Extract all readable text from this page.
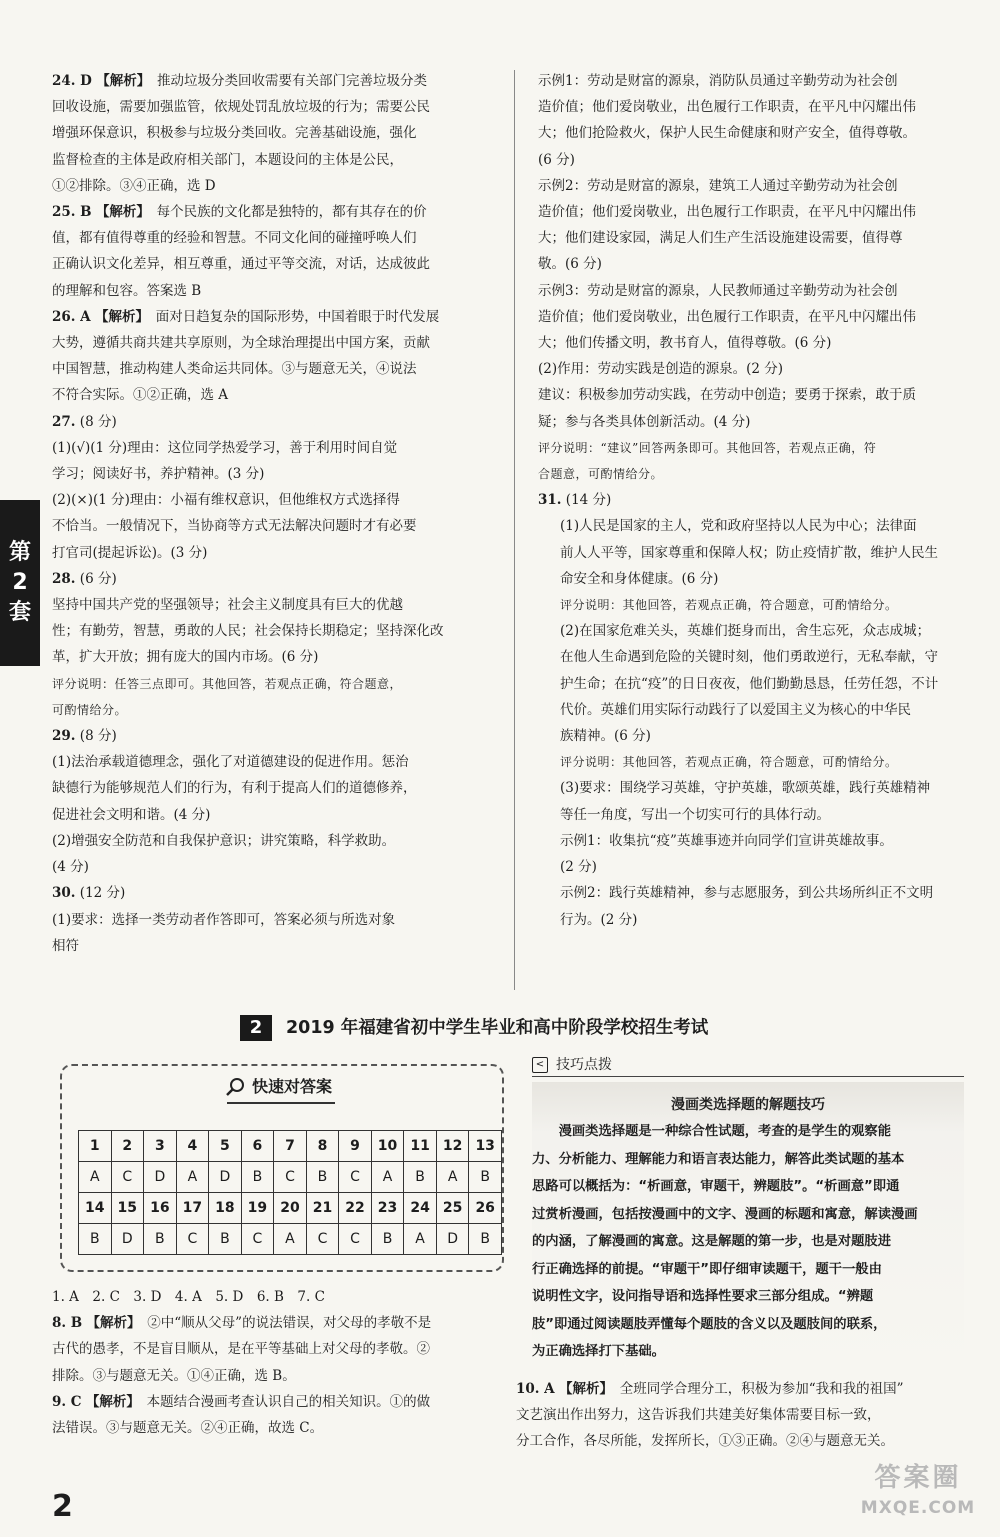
第
2
套
24. D 【解析】　 推动垃圾分类回收需要有关部门完善垃圾分类
回收设施，需要加强监管，依规处罚乱放垃圾的行为；需要公民
增强环保意识，积极参与垃圾分类回收。完善基础设施，强化
监督检查的主体是政府相关部门，本题设问的主体是公民，
①②排除。③④正确，选 D
25. B 【解析】　 每个民族的文化都是独特的，都有其存在的价
值，都有值得尊重的经验和智慧。不同文化间的碰撞呼唤人们
正确认识文化差异，相互尊重，通过平等交流，对话，达成彼此
的理解和包容。答案选 B
26. A 【解析】　 面对日趋复杂的国际形势，中国着眼于时代发展
大势，遵循共商共建共享原则，为全球治理提出中国方案，贡献
中国智慧，推动构建人类命运共同体。③与题意无关，④说法
不符合实际。①②正确，选 A
27. (8 分)
(1)(√)(1 分)理由：这位同学热爱学习，善于利用时间自觉
学习；阅读好书，养护精神。(3 分)
(2)(×)(1 分)理由：小福有维权意识，但他维权方式选择得
不恰当。一般情况下，当协商等方式无法解决问题时才有必要
打官司(提起诉讼)。(3 分)
28. (6 分)
坚持中国共产党的坚强领导；社会主义制度具有巨大的优越
性；有勤劳，智慧，勇敢的人民；社会保持长期稳定；坚持深化改
革，扩大开放；拥有庞大的国内市场。(6 分)
评分说明：任答三点即可。其他回答，若观点正确，符合题意，
可酌情给分。
29. (8 分)
(1)法治承载道德理念，强化了对道德建设的促进作用。惩治
缺德行为能够规范人们的行为，有利于提高人们的道德修养，
促进社会文明和谐。(4 分)
(2)增强安全防范和自我保护意识；讲究策略，科学救助。
(4 分)
30. (12 分)
(1)要求：选择一类劳动者作答即可，答案必须与所选对象
相符
示例1：劳动是财富的源泉，消防队员通过辛勤劳动为社会创
造价值；他们爱岗敬业，出色履行工作职责，在平凡中闪耀出伟
大；他们抢险救火，保护人民生命健康和财产安全，值得尊敬。
(6 分)
示例2：劳动是财富的源泉，建筑工人通过辛勤劳动为社会创
造价值；他们爱岗敬业，出色履行工作职责，在平凡中闪耀出伟
大；他们建设家园，满足人们生产生活设施建设需要，值得尊
敬。(6 分)
示例3：劳动是财富的源泉，人民教师通过辛勤劳动为社会创
造价值；他们爱岗敬业，出色履行工作职责，在平凡中闪耀出伟
大；他们传播文明，教书育人，值得尊敬。(6 分)
(2)作用：劳动实践是创造的源泉。(2 分)
建议：积极参加劳动实践，在劳动中创造；要勇于探索，敢于质
疑；参与各类具体创新活动。(4 分)
评分说明：“建议”回答两条即可。其他回答，若观点正确，符
合题意，可酌情给分。
31. (14 分)
(1)人民是国家的主人，党和政府坚持以人民为中心；法律面
前人人平等，国家尊重和保障人权；防止疫情扩散，维护人民生
命安全和身体健康。(6 分)
评分说明：其他回答，若观点正确，符合题意，可酌情给分。
(2)在国家危难关头，英雄们挺身而出，舍生忘死，众志成城；
在他人生命遇到危险的关键时刻，他们勇敢逆行，无私奉献，守
护生命；在抗“疫”的日日夜夜，他们勤勤恳恳，任劳任怨，不计
代价。英雄们用实际行动践行了以爱国主义为核心的中华民
族精神。(6 分)
评分说明：其他回答，若观点正确，符合题意，可酌情给分。
(3)要求：围绕学习英雄，守护英雄，歌颂英雄，践行英雄精神
等任一角度，写出一个切实可行的具体行动。
示例1：收集抗“疫”英雄事迹并向同学们宣讲英雄故事。
(2 分)
示例2：践行英雄精神，参与志愿服务，到公共场所纠正不文明
行为。(2 分)
2	2019 年福建省初中学生毕业和高中阶段学校招生考试
快速对答案
1	2	3	4	5	6	7	8	9	10	11	12	13
A	C	D	A	D	B	C	B	C	A	B	A	B
14	15	16	17	18	19	20	21	22	23	24	25	26
B	D	B	C	B	C	A	C	C	B	A	D	B
< 技巧点拨
漫画类选择题的解题技巧
漫画类选择题是一种综合性试题，考查的是学生的观察能
力、分析能力、理解能力和语言表达能力，解答此类试题的基本
思路可以概括为：“析画意，审题干，辨题肢”。“析画意”即通
过赏析漫画，包括按漫画中的文字、漫画的标题和寓意，解读漫画
的内涵，了解漫画的寓意。这是解题的第一步，也是对题肢进
行正确选择的前提。“审题干”即仔细审读题干，题干一般由
说明性文字，设问指导语和选择性要求三部分组成。“辨题
肢”即通过阅读题肢弄懂每个题肢的含义以及题肢间的联系，
为正确选择打下基础。
1. A　2. C　3. D　4. A　5. D　6. B　7. C
8. B 【解析】　 ②中“顺从父母”的说法错误，对父母的孝敬不是
古代的愚孝，不是盲目顺从，是在平等基础上对父母的孝敬。②
排除。③与题意无关。①④正确，选 B。
9. C 【解析】　 本题结合漫画考查认识自己的相关知识。①的做
法错误。③与题意无关。②④正确，故选 C。
10. A 【解析】　 全班同学合理分工，积极为参加“我和我的祖国”
文艺演出作出努力，这告诉我们共建美好集体需要目标一致，
分工合作，各尽所能，发挥所长，①③正确。②④与题意无关。
2
答案圈
MXQE.COM
